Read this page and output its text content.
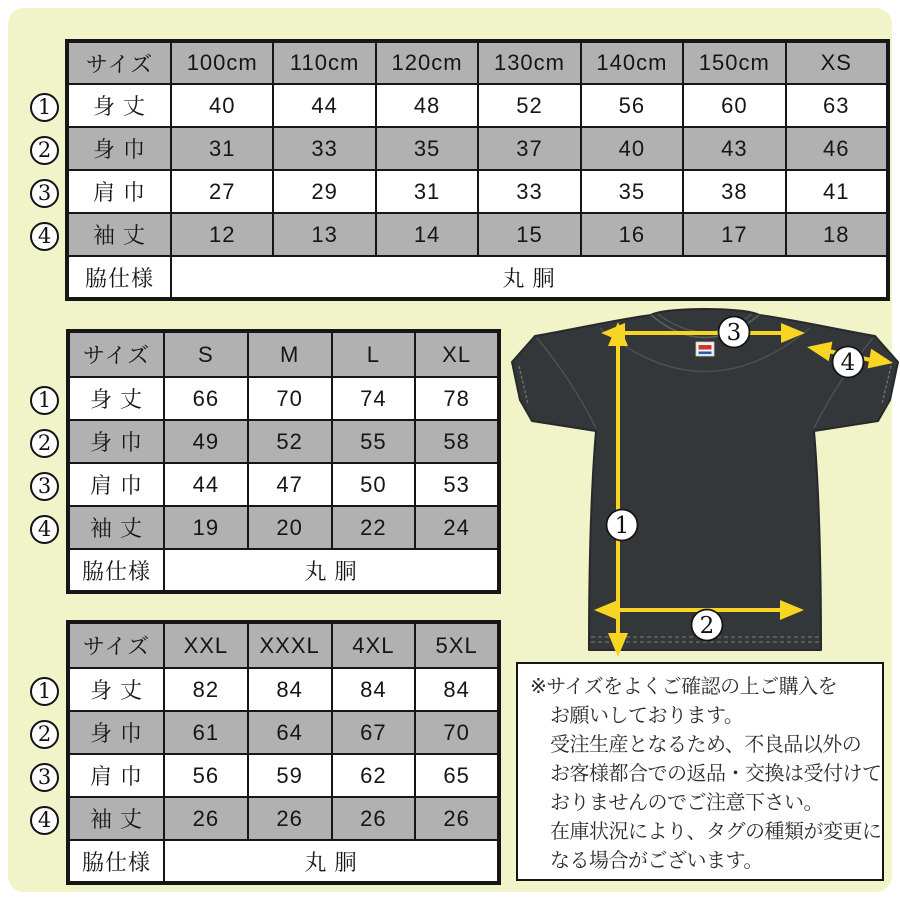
サイズ	100cm	110cm	120cm	130cm	140cm	150cm	XS
身 丈	40	44	48	52	56	60	63
身 巾	31	33	35	37	40	43	46
肩 巾	27	29	31	33	35	38	41
袖 丈	12	13	14	15	16	17	18
脇仕様	丸 胴						
1
2
3
4
サイズ	S	M	L	XL
身 丈	66	70	74	78
身 巾	49	52	55	58
肩 巾	44	47	50	53
袖 丈	19	20	22	24
脇仕様	丸 胴			
1
2
3
4
サイズ	XXL	XXXL	4XL	5XL
身 丈	82	84	84	84
身 巾	61	64	67	70
肩 巾	56	59	62	65
袖 丈	26	26	26	26
脇仕様	丸 胴			
1
2
3
4
3
4
1
2
※サイズをよくご確認の上ご購入を
お願いしております。
受注生産となるため、不良品以外の
お客様都合での返品・交換は受付けて
おりませんのでご注意下さい。
在庫状況により、タグの種類が変更に
なる場合がございます。
